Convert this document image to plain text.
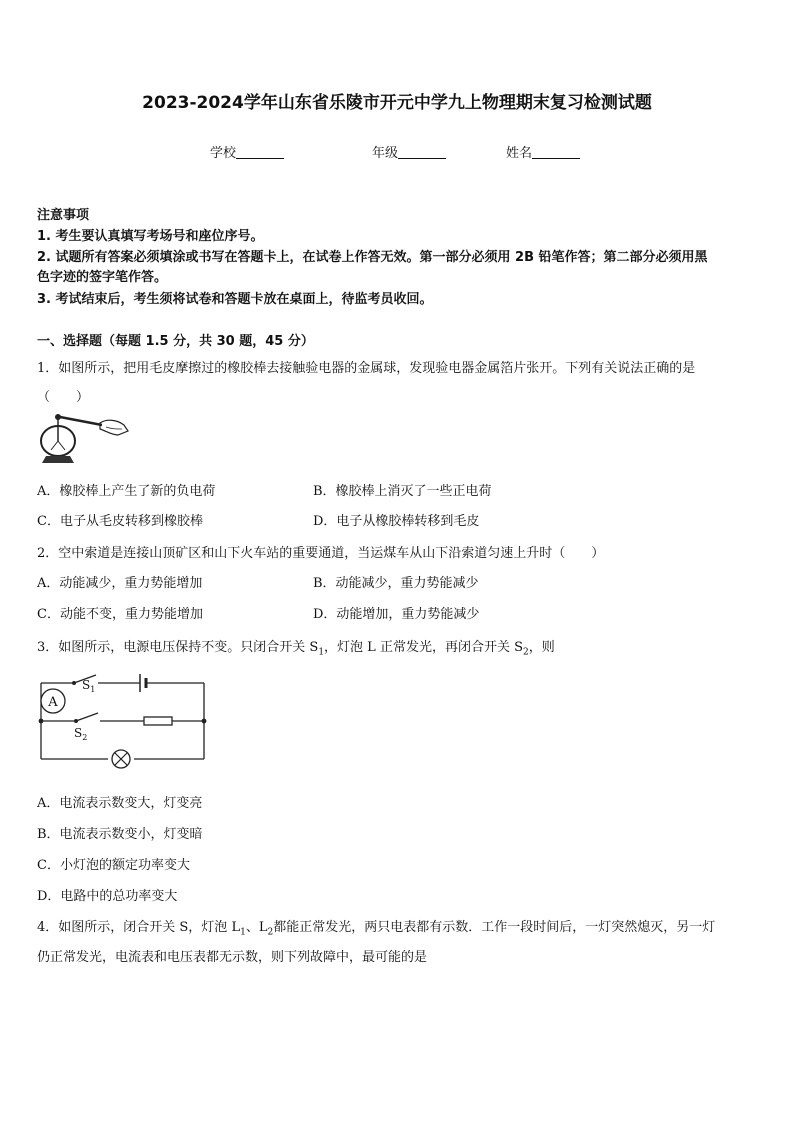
2023-2024学年山东省乐陵市开元中学九上物理期末复习检测试题
学校	年级	姓名
注意事项
1. 考生要认真填写考场号和座位序号。
2. 试题所有答案必须填涂或书写在答题卡上，在试卷上作答无效。第一部分必须用 2B 铅笔作答；第二部分必须用黑
色字迹的签字笔作答。
3. 考试结束后，考生须将试卷和答题卡放在桌面上，待监考员收回。
一、选择题（每题 1.5 分，共 30 题，45 分）
1．如图所示，把用毛皮摩擦过的橡胶棒去接触验电器的金属球，发现验电器金属箔片张开。下列有关说法正确的是
（　　）
A．橡胶棒上产生了新的负电荷	B．橡胶棒上消灭了一些正电荷
C．电子从毛皮转移到橡胶棒	D．电子从橡胶棒转移到毛皮
2．空中索道是连接山顶矿区和山下火车站的重要通道，当运煤车从山下沿索道匀速上升时（　　）
A．动能减少，重力势能增加	B．动能减少，重力势能减少
C．动能不变，重力势能增加	D．动能增加，重力势能减少
3．如图所示，电源电压保持不变。只闭合开关 $S_1$，灯泡 L 正常发光，再闭合开关 $S_2$，则
A
$S_1$
$S_2$
A．电流表示数变大，灯变亮
B．电流表示数变小，灯变暗
C．小灯泡的额定功率变大
D．电路中的总功率变大
4．如图所示，闭合开关 S，灯泡 $L_1$、$L_2$都能正常发光，两只电表都有示数．工作一段时间后，一灯突然熄灭，另一灯
仍正常发光，电流表和电压表都无示数，则下列故障中，最可能的是
